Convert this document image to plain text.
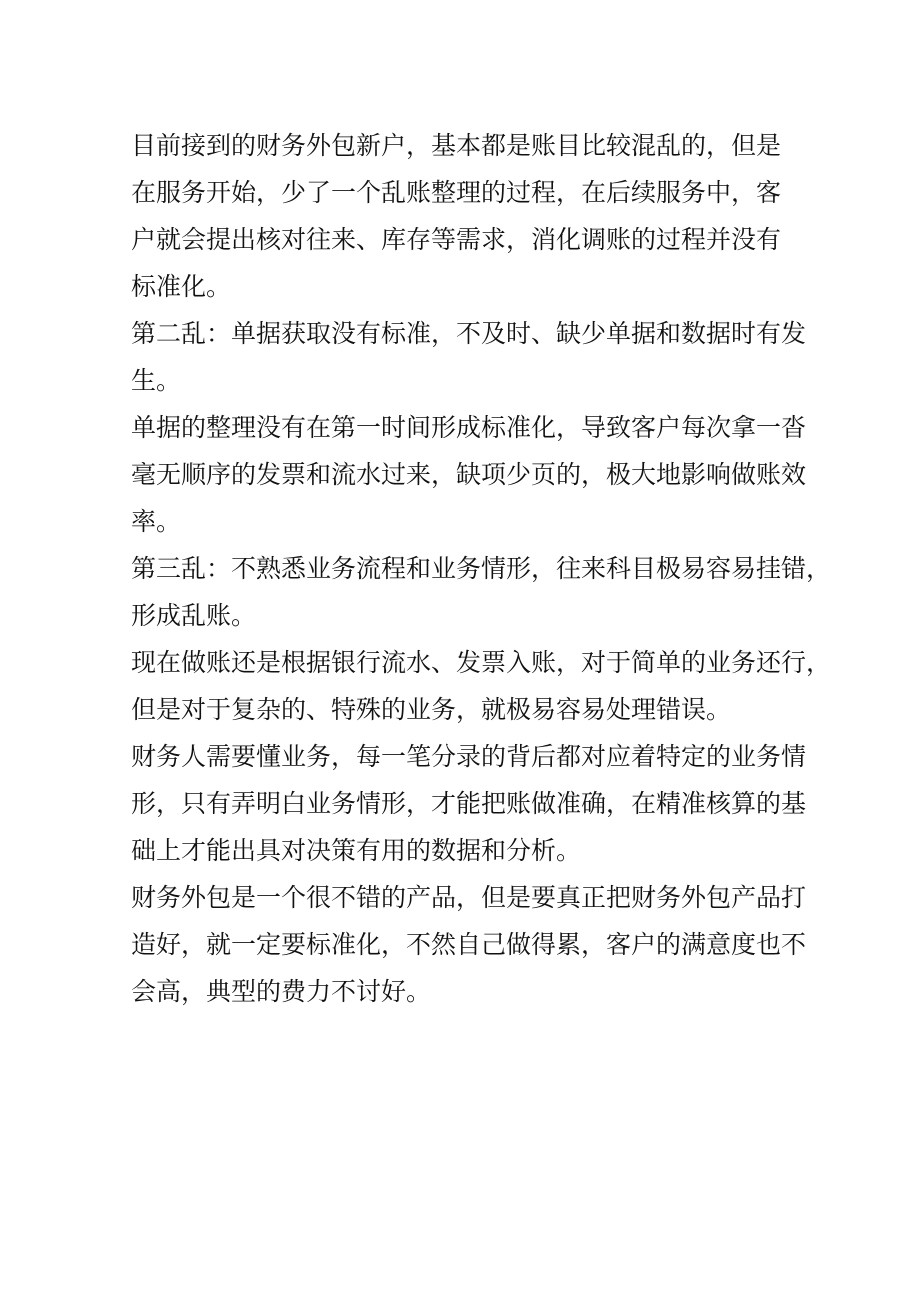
目前接到的财务外包新户，基本都是账目比较混乱的，但是
在服务开始，少了一个乱账整理的过程，在后续服务中，客
户就会提出核对往来、库存等需求，消化调账的过程并没有
标准化。

第二乱：单据获取没有标准，不及时、缺少单据和数据时有发
生。

单据的整理没有在第一时间形成标准化，导致客户每次拿一沓
毫无顺序的发票和流水过来，缺项少页的，极大地影响做账效
率。

第三乱：不熟悉业务流程和业务情形，往来科目极易容易挂错，
形成乱账。

现在做账还是根据银行流水、发票入账，对于简单的业务还行，
但是对于复杂的、特殊的业务，就极易容易处理错误。

财务人需要懂业务，每一笔分录的背后都对应着特定的业务情
形，只有弄明白业务情形，才能把账做准确，在精准核算的基
础上才能出具对决策有用的数据和分析。

财务外包是一个很不错的产品，但是要真正把财务外包产品打
造好，就一定要标准化，不然自己做得累，客户的满意度也不
会高，典型的费力不讨好。
